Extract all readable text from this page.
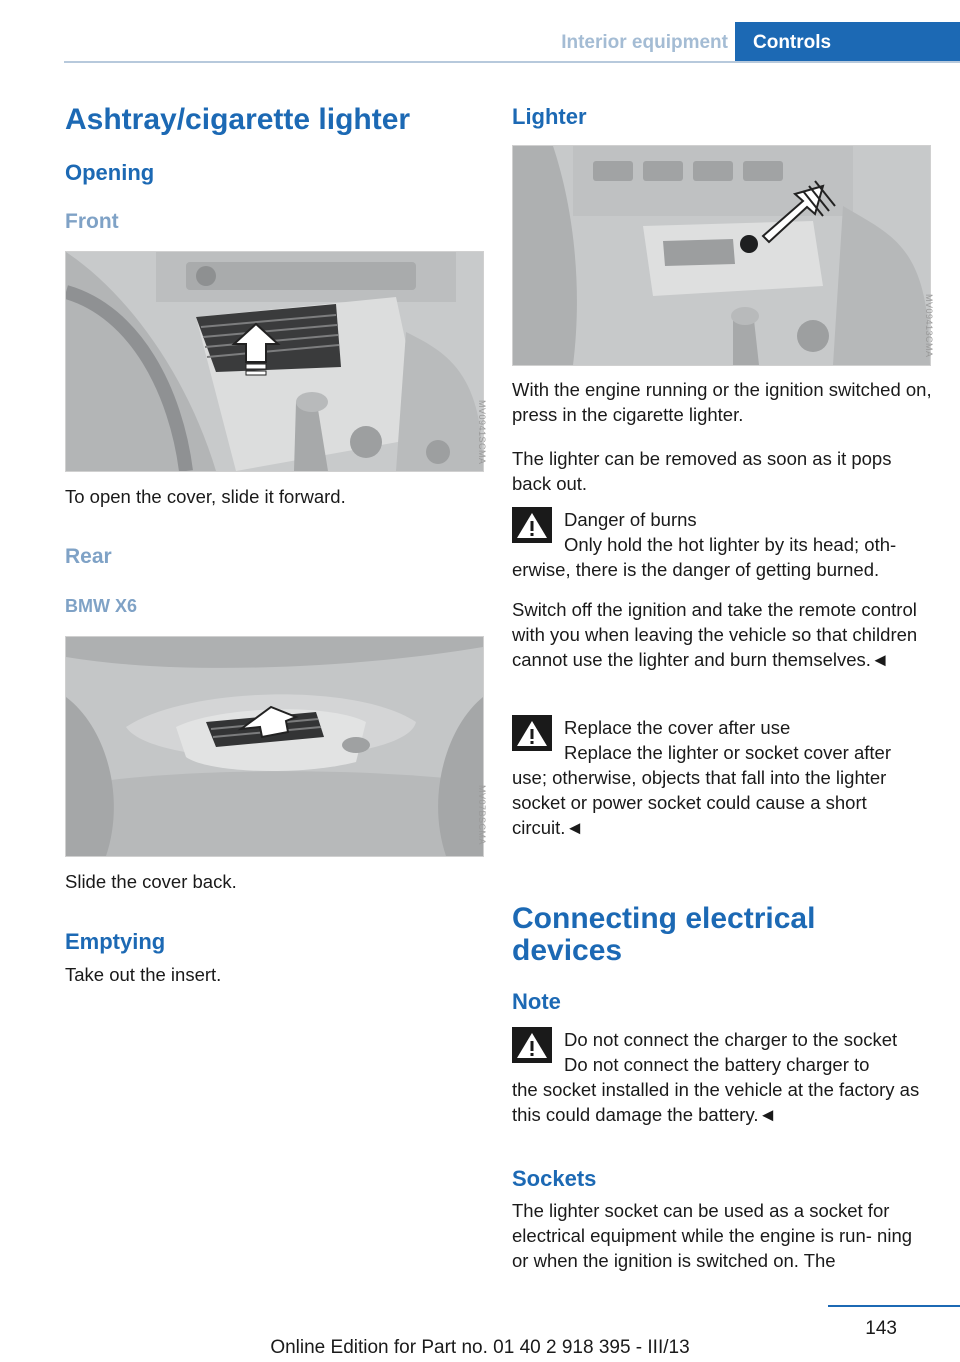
Interior equipment	Controls
Ashtray/cigarette lighter
Opening
Front
MV0941SCMA

To open the cover, slide it forward.

Rear
BMW X6
MV07BSCMA

Slide the cover back.

Emptying

Take out the insert.

Lighter
MV09413CMA

With the engine running or the ignition switched on, press in the cigarette lighter.

The lighter can be removed as soon as it pops back out.

Danger of burns
Only hold the hot lighter by its head; oth-
erwise, there is the danger of getting burned.

Switch off the ignition and take the remote control with you when leaving the vehicle so that children cannot use the lighter and burn themselves.◄

Replace the cover after use
Replace the lighter or socket cover after
use; otherwise, objects that fall into the lighter socket or power socket could cause a short circuit.◄
Connecting electrical devices
Note
Do not connect the charger to the socket
Do not connect the battery charger to
the socket installed in the vehicle at the factory as this could damage the battery.◄
Sockets

The lighter socket can be used as a socket for electrical equipment while the engine is run- ning or when the ignition is switched on. The

143
Online Edition for Part no. 01 40 2 918 395 - III/13
